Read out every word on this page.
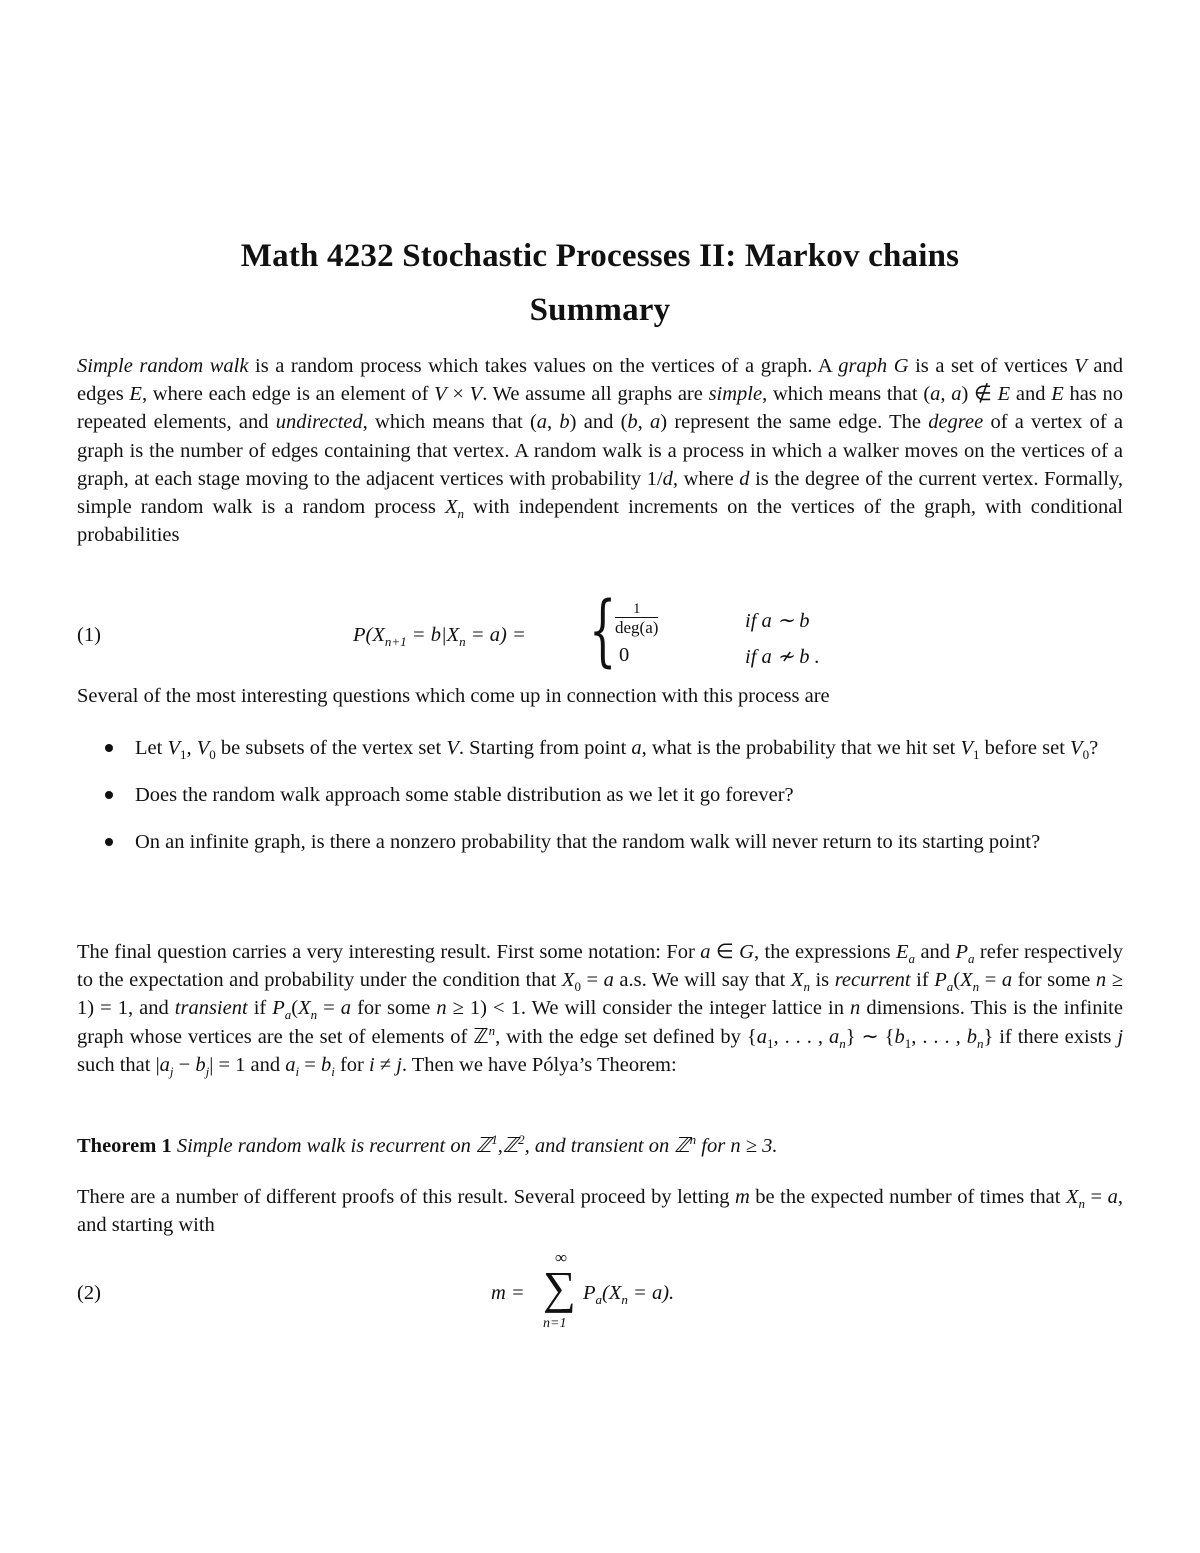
Math 4232 Stochastic Processes II: Markov chains
Summary
Simple random walk is a random process which takes values on the vertices of a graph. A graph G is a set of vertices V and edges E, where each edge is an element of V × V. We assume all graphs are simple, which means that (a, a) ∉ E and E has no repeated elements, and undirected, which means that (a, b) and (b, a) represent the same edge. The degree of a vertex of a graph is the number of edges containing that vertex. A random walk is a process in which a walker moves on the vertices of a graph, at each stage moving to the adjacent vertices with probability 1/d, where d is the degree of the current vertex. Formally, simple random walk is a random process $X_n$ with independent increments on the vertices of the graph, with conditional probabilities
(1)	$P(X_{n+1} = b|X_n = a)$ = {	1
deg(a)
0
if a ∼ b
if a ≁ b .
Several of the most interesting questions which come up in connection with this process are
Let $V_1$, $V_0$ be subsets of the vertex set V. Starting from point a, what is the probability that we hit set $V_1$ before set $V_0$?
Does the random walk approach some stable distribution as we let it go forever?
On an infinite graph, is there a nonzero probability that the random walk will never return to its starting point?
The final question carries a very interesting result. First some notation: For a ∈ G, the expressions $E_a$ and $P_a$ refer respectively to the expectation and probability under the condition that $X_0 = a$ a.s. We will say that $X_n$ is recurrent if $P_a(X_n = a$ for some n ≥ 1) = 1, and transient if $P_a(X_n = a$ for some n ≥ 1) < 1. We will consider the integer lattice in n dimensions. This is the infinite graph whose vertices are the set of elements of ℤ$^n$, with the edge set defined by {$a_1$, . . . , $a_n$} ∼ {$b_1$, . . . , $b_n$} if there exists j such that $|a_j - b_j| = 1$ and $a_i = b_i$ for i ≠ j. Then we have Pólya’s Theorem:
Theorem 1 Simple random walk is recurrent on ℤ$^1$,ℤ$^2$, and transient on ℤ$^n$ for n ≥ 3.
There are a number of different proofs of this result. Several proceed by letting m be the expected number of times that $X_n = a$, and starting with
(2)	m =
∞
∑
n=1
$P_a(X_n = a)$.
